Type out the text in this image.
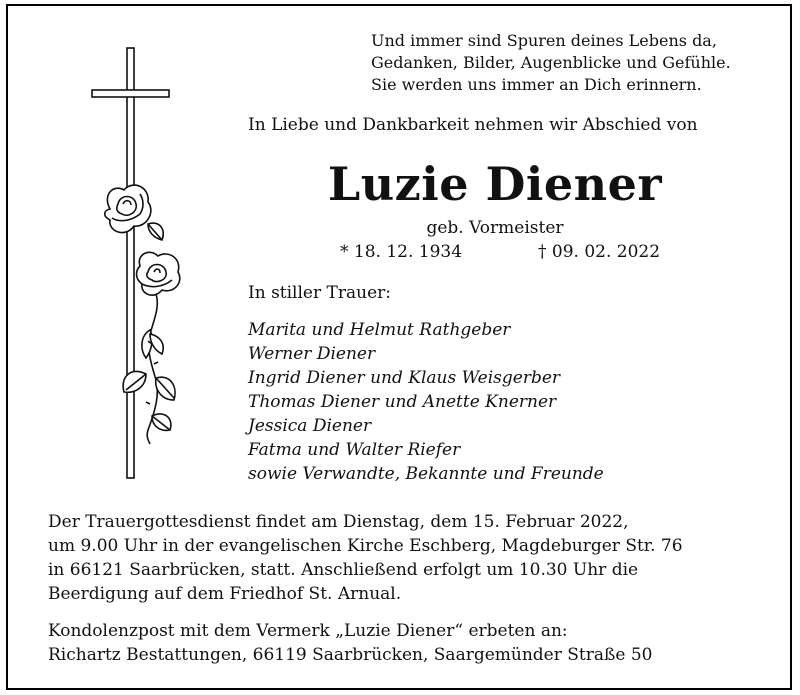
Und immer sind Spuren deines Lebens da,
Gedanken, Bilder, Augenblicke und Gefühle.
Sie werden uns immer an Dich erinnern.
In Liebe und Dankbarkeit nehmen wir Abschied von
Luzie Diener
geb. Vormeister
* 18. 12. 1934	† 09. 02. 2022
In stiller Trauer:
Marita und Helmut Rathgeber
Werner Diener
Ingrid Diener und Klaus Weisgerber
Thomas Diener und Anette Knerner
Jessica Diener
Fatma und Walter Riefer
sowie Verwandte, Bekannte und Freunde
Der Trauergottesdienst findet am Dienstag, dem 15. Februar 2022,
um 9.00 Uhr in der evangelischen Kirche Eschberg, Magdeburger Str. 76
in 66121 Saarbrücken, statt. Anschließend erfolgt um 10.30 Uhr die
Beerdigung auf dem Friedhof St. Arnual.
Kondolenzpost mit dem Vermerk „Luzie Diener“ erbeten an:
Richartz Bestattungen, 66119 Saarbrücken, Saargemünder Straße 50
